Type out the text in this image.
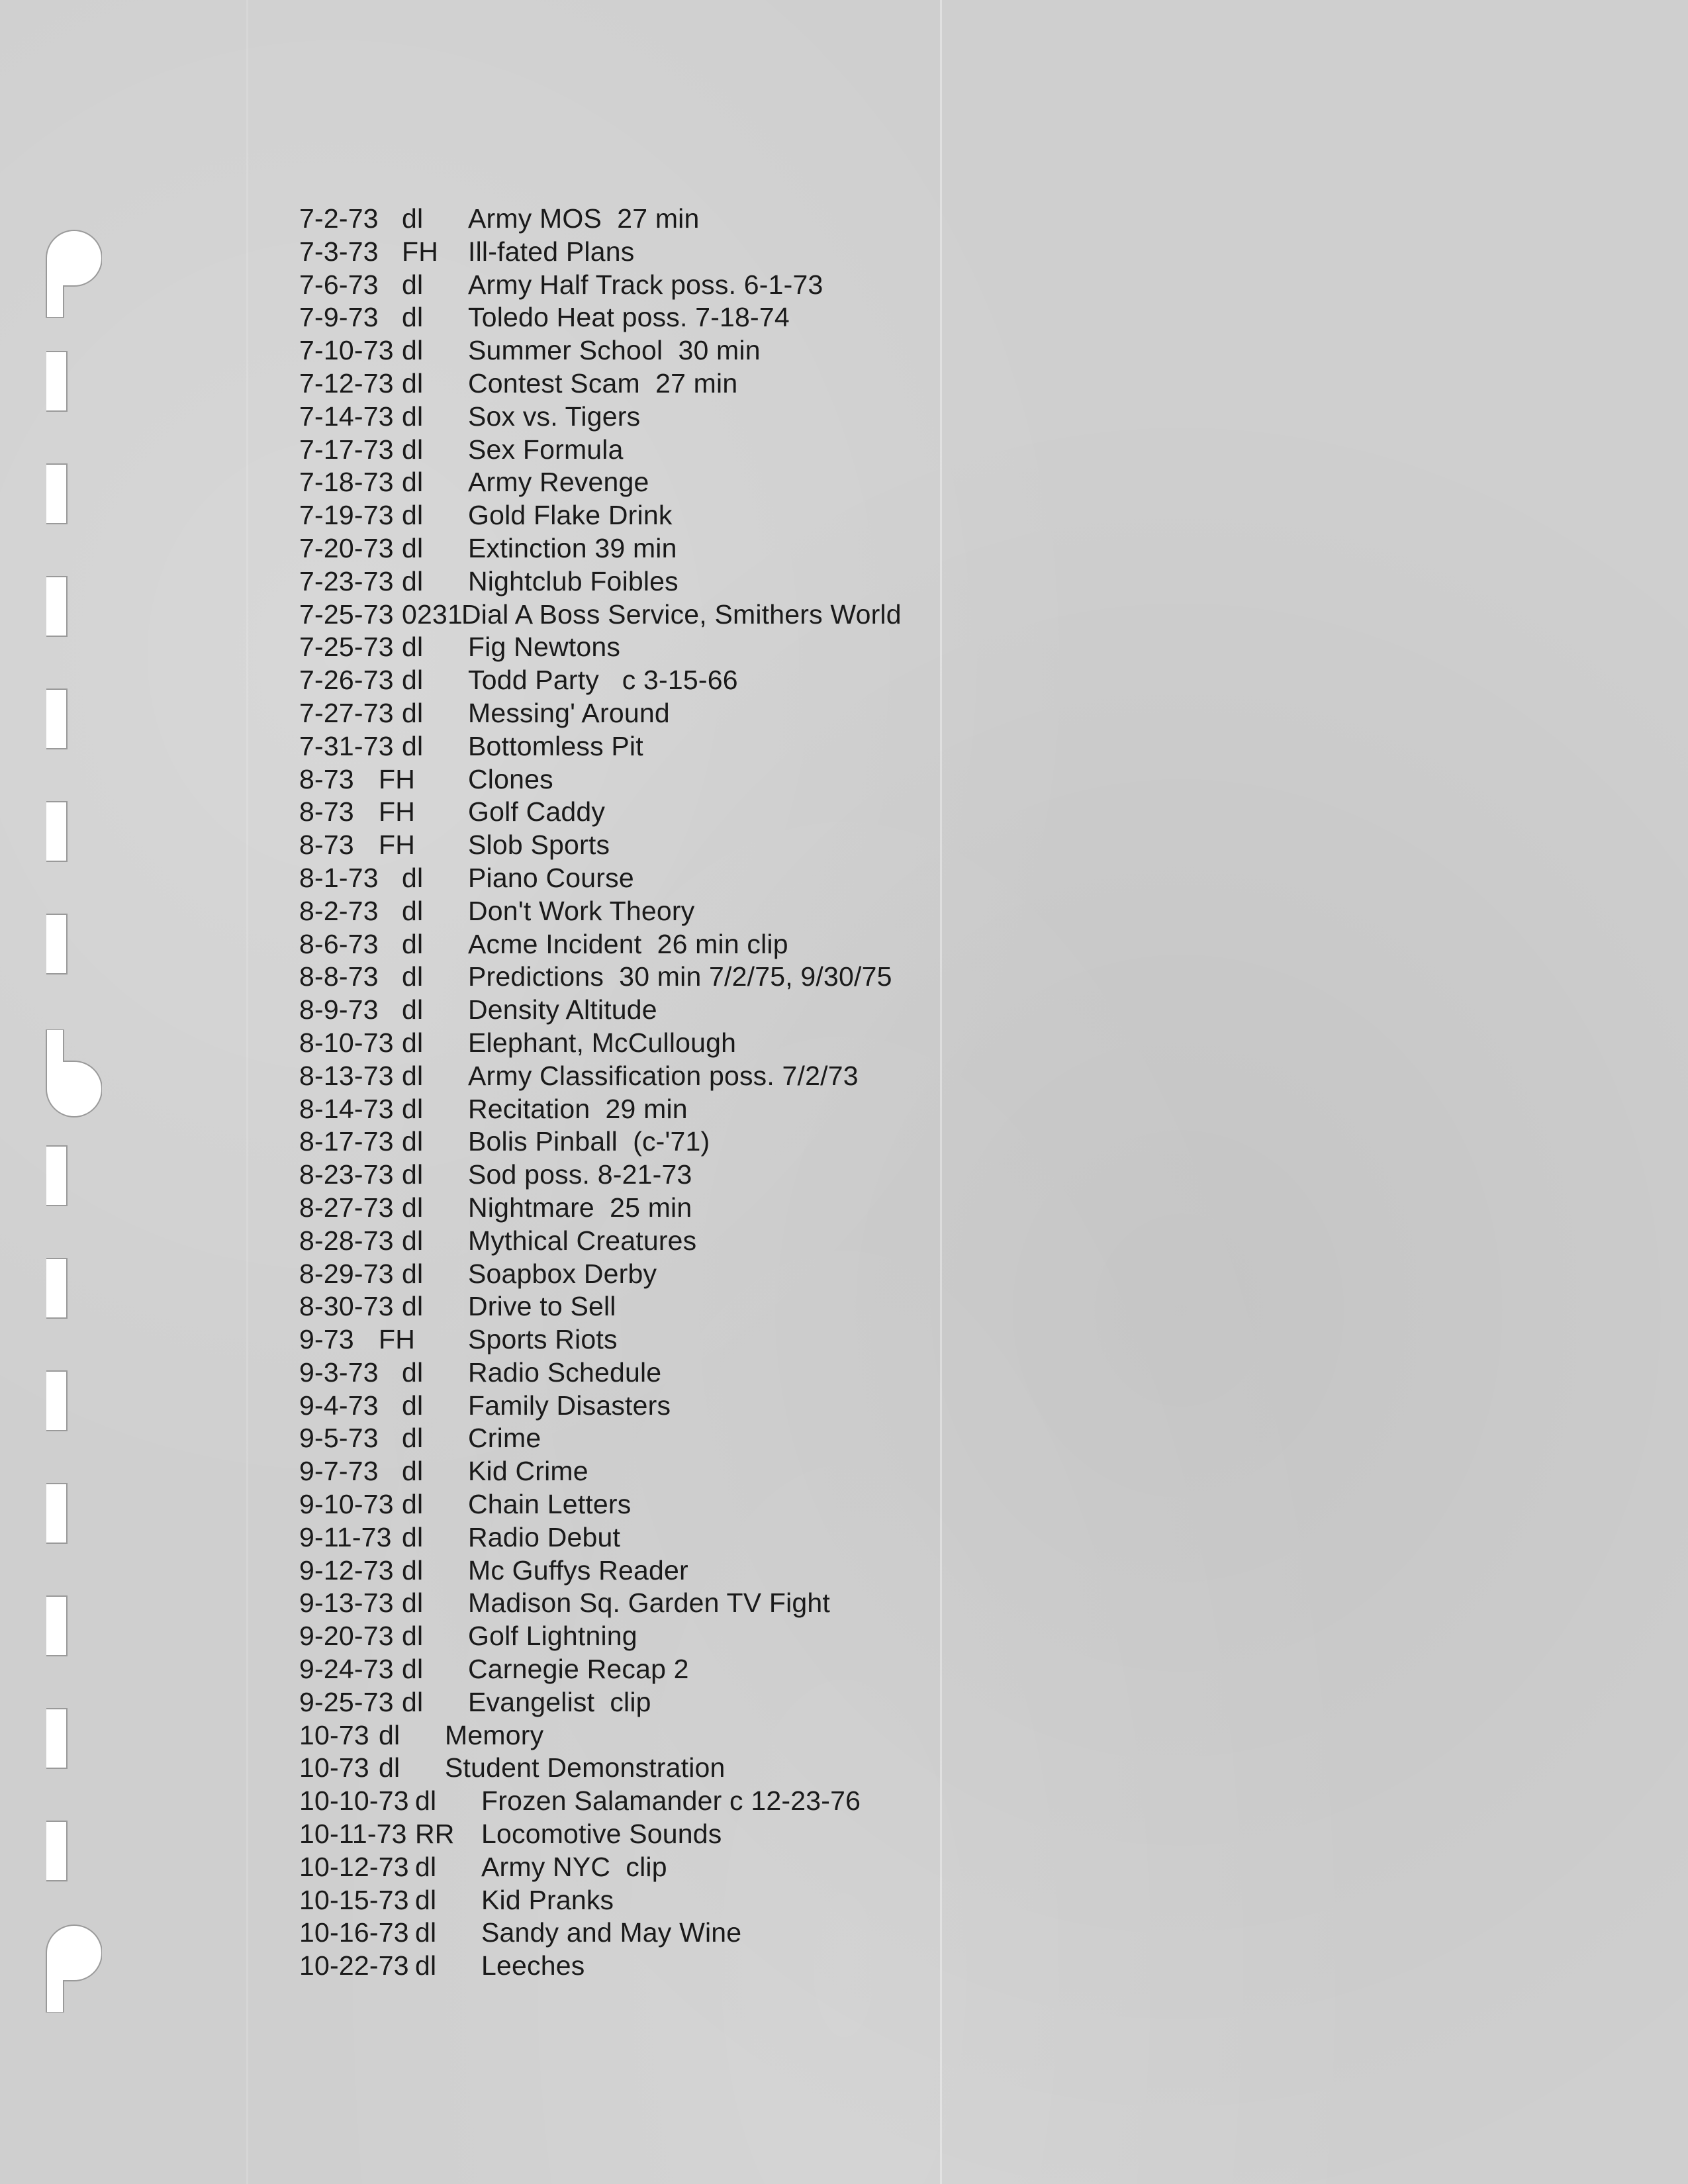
7-2-73 dl Army MOS  27 min
7-3-73 FH Ill-fated Plans
7-6-73 dl Army Half Track poss. 6-1-73
7-9-73 dl Toledo Heat poss. 7-18-74
7-10-73 dl Summer School  30 min
7-12-73 dl Contest Scam  27 min
7-14-73 dl Sox vs. Tigers
7-17-73 dl Sex Formula
7-18-73 dl Army Revenge
7-19-73 dl Gold Flake Drink
7-20-73 dl Extinction 39 min
7-23-73 dl Nightclub Foibles
7-25-73 0231Dial A Boss Service, Smithers World
7-25-73 dl Fig Newtons
7-26-73 dl Todd Party   c 3-15-66
7-27-73 dl Messing' Around
7-31-73 dl Bottomless Pit
8-73 FH Clones
8-73 FH Golf Caddy
8-73 FH Slob Sports
8-1-73 dl Piano Course
8-2-73 dl Don't Work Theory
8-6-73 dl Acme Incident  26 min clip
8-8-73 dl Predictions  30 min 7/2/75, 9/30/75
8-9-73 dl Density Altitude
8-10-73 dl Elephant, McCullough
8-13-73 dl Army Classification poss. 7/2/73
8-14-73 dl Recitation  29 min
8-17-73 dl Bolis Pinball  (c-'71)
8-23-73 dl Sod poss. 8-21-73
8-27-73 dl Nightmare  25 min
8-28-73 dl Mythical Creatures
8-29-73 dl Soapbox Derby
8-30-73 dl Drive to Sell
9-73 FH Sports Riots
9-3-73 dl Radio Schedule
9-4-73 dl Family Disasters
9-5-73 dl Crime
9-7-73 dl Kid Crime
9-10-73 dl Chain Letters
9-11-73 dl Radio Debut
9-12-73 dl Mc Guffys Reader
9-13-73 dl Madison Sq. Garden TV Fight
9-20-73 dl Golf Lightning
9-24-73 dl Carnegie Recap 2
9-25-73 dl Evangelist  clip
10-73 dl Memory
10-73 dl Student Demonstration
10-10-73 dl Frozen Salamander c 12-23-76
10-11-73 RR Locomotive Sounds
10-12-73 dl Army NYC  clip
10-15-73 dl Kid Pranks
10-16-73 dl Sandy and May Wine
10-22-73 dl Leeches
